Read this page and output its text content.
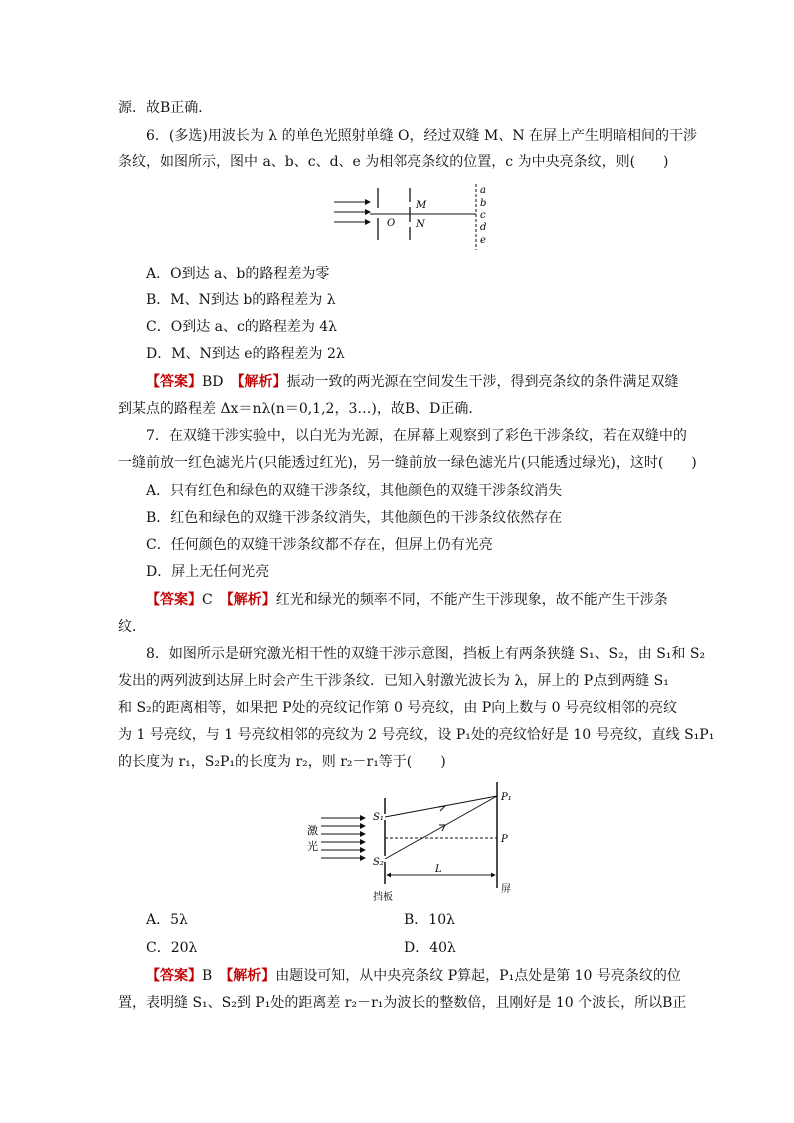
源．故B正确．
6．(多选)用波长为 λ 的单色光照射单缝 O，经过双缝 M、N 在屏上产生明暗相间的干涉
条纹，如图所示，图中 a、b、c、d、e 为相邻亮条纹的位置，c 为中央亮条纹，则(　　)
O
M
N
a
b
c
d
e
A．O到达 a、b的路程差为零
B．M、N到达 b的路程差为 λ
C．O到达 a、c的路程差为 4λ
D．M、N到达 e的路程差为 2λ
【答案】BD　 【解析】振动一致的两光源在空间发生干涉，得到亮条纹的条件满足双缝
到某点的路程差 Δx＝nλ(n＝0,1,2，3…)，故B、D正确．
7．在双缝干涉实验中，以白光为光源，在屏幕上观察到了彩色干涉条纹，若在双缝中的
一缝前放一红色滤光片(只能透过红光)，另一缝前放一绿色滤光片(只能透过绿光)，这时(　　)
A．只有红色和绿色的双缝干涉条纹，其他颜色的双缝干涉条纹消失
B．红色和绿色的双缝干涉条纹消失，其他颜色的干涉条纹依然存在
C．任何颜色的双缝干涉条纹都不存在，但屏上仍有光亮
D．屏上无任何光亮
【答案】C　 【解析】红光和绿光的频率不同，不能产生干涉现象，故不能产生干涉条
纹．
8．如图所示是研究激光相干性的双缝干涉示意图，挡板上有两条狭缝 S₁、S₂，由 S₁和 S₂
发出的两列波到达屏上时会产生干涉条纹．已知入射激光波长为 λ，屏上的 P点到两缝 S₁
和 S₂的距离相等，如果把 P处的亮纹记作第 0 号亮纹，由 P向上数与 0 号亮纹相邻的亮纹
为 1 号亮纹，与 1 号亮纹相邻的亮纹为 2 号亮纹，设 P₁处的亮纹恰好是 10 号亮纹，直线 S₁P₁
的长度为 r₁，S₂P₁的长度为 r₂，则 r₂－r₁等于(　　)
激
光
L
S₁
S₂
P₁
P
挡板
屏
A．5λ	B．10λ
C．20λ	D．40λ
【答案】B　 【解析】由题设可知，从中央亮条纹 P算起，P₁点处是第 10 号亮条纹的位
置，表明缝 S₁、S₂到 P₁处的距离差 r₂－r₁为波长的整数倍，且刚好是 10 个波长，所以B正
